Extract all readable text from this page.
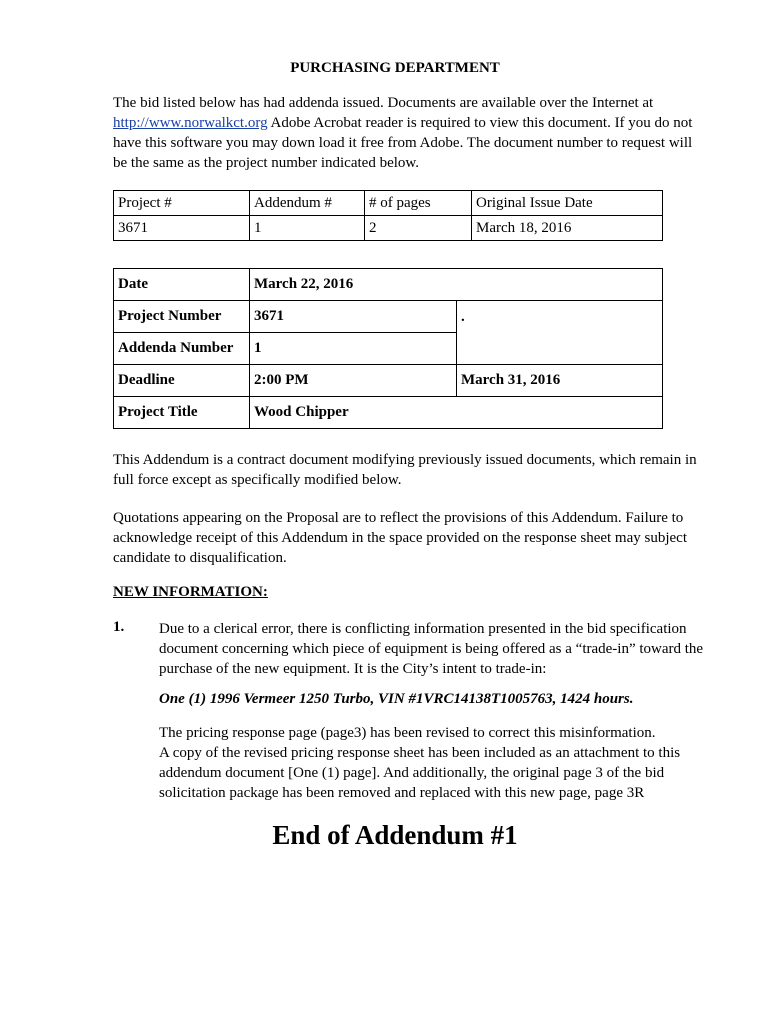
PURCHASING DEPARTMENT
The bid listed below has had addenda issued. Documents are available over the Internet at http://www.norwalkct.org Adobe Acrobat reader is required to view this document. If you do not have this software you may down load it free from Adobe. The document number to request will be the same as the project number indicated below.
Project #	Addendum #	# of pages	Original Issue Date
3671	1	2	March 18, 2016
Date	March 22, 2016	
Project Number	3671	.
Addenda Number	1	
Deadline	2:00 PM	March 31, 2016
Project Title	Wood Chipper	
This Addendum is a contract document modifying previously issued documents, which remain in full force except as specifically modified below.
Quotations appearing on the Proposal are to reflect the provisions of this Addendum. Failure to acknowledge receipt of this Addendum in the space provided on the response sheet may subject candidate to disqualification.
NEW INFORMATION:
1. Due to a clerical error, there is conflicting information presented in the bid specification document concerning which piece of equipment is being offered as a “trade-in” toward the purchase of the new equipment. It is the City’s intent to trade-in:
One (1) 1996 Vermeer 1250 Turbo, VIN #1VRC14138T1005763, 1424 hours.
The pricing response page (page3) has been revised to correct this misinformation.
A copy of the revised pricing response sheet has been included as an attachment to this addendum document [One (1) page]. And additionally, the original page 3 of the bid solicitation package has been removed and replaced with this new page, page 3R
End of Addendum #1
